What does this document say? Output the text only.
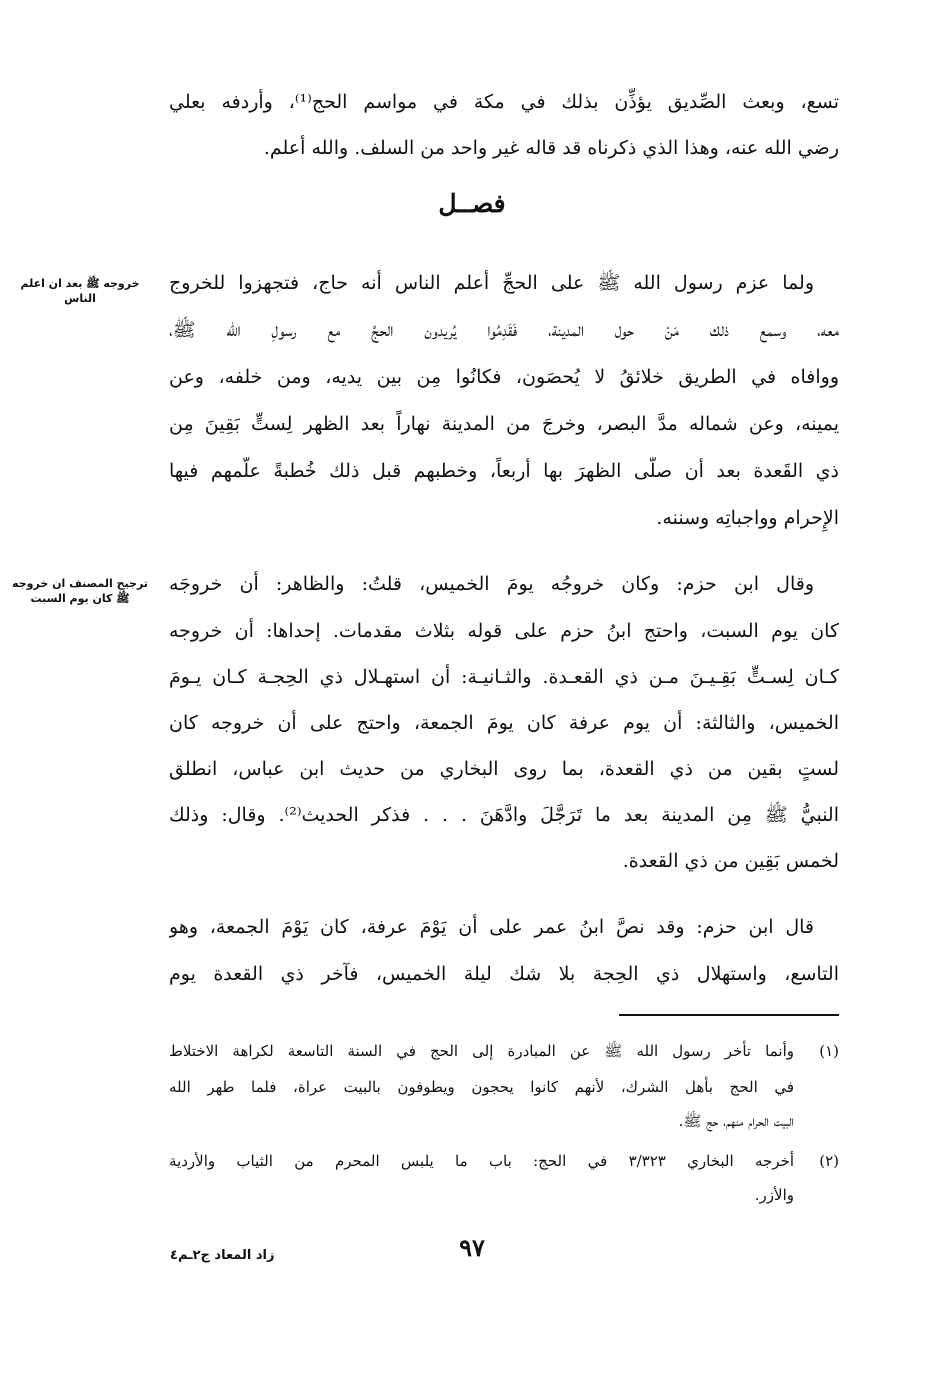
تسع، وبعث الصِّديق يؤذِّن بذلك في مكة في مواسم الحج⁽¹⁾، وأردفه بعلي
رضي الله عنه، وهذا الذي ذكرناه قد قاله غير واحد من السلف. والله أعلم.
فصــل
ولما عزم رسول الله ﷺ على الحجِّ أعلم الناس أنه حاج، فتجهزوا للخروج
معه، وسمع ذلك مَنْ حول المدينة، فَقَدِمُوا يُريدون الحجَّ مع رسولِ الله ﷺ،
ووافاه في الطريق خلائقُ لا يُحصَون، فكانُوا مِن بين يديه، ومن خلفه، وعن
يمينه، وعن شماله مدَّ البصر، وخرجَ من المدينة نهاراً بعد الظهر لِستٍّ بَقِينَ مِن
ذي القَعدة بعد أن صلَّى الظهرَ بها أربعاً، وخطبهم قبل ذلك خُطبةً علَّمهم فيها
الإِحرام وواجباتِه وسننه.
خروجه ﷺ بعد ان اعلم الناس
وقال ابن حزم: وكان خروجُه يومَ الخميس، قلتُ: والظاهر: أن خروجَه
كان يوم السبت، واحتج ابنُ حزم على قوله بثلاث مقدمات. إحداها: أن خروجه
كـان لِسـتٍّ بَقِـيـنَ مـن ذي القعـدة. والثـانيـة: أن استهـلال ذي الحِجـة كـان يـومَ
الخميس، والثالثة: أن يوم عرفة كان يومَ الجمعة، واحتج على أن خروجه كان
لستٍ بقين من ذي القعدة، بما روى البخاري من حديث ابن عباس، انطلق
النبيُّ ﷺ مِن المدينة بعد ما تَرَجَّلَ وادَّهَنَ . . . فذكر الحديث⁽²⁾. وقال: وذلك
لخمس بَقِين من ذي القعدة.
ترجيح المصنف ان خروجه ﷺ كان يوم السبت
قال ابن حزم: وقد نصَّ ابنُ عمر على أن يَوْمَ عرفة، كان يَوْمَ الجمعة، وهو
التاسع، واستهلال ذي الحِجة بلا شك ليلة الخميس، فآخر ذي القعدة يوم
(١)
وأنما تأخر رسول الله ﷺ عن المبادرة إلى الحج في السنة التاسعة لكراهة الاختلاط
في الحج بأهل الشرك، لأنهم كانوا يحجون ويطوفون بالبيت عراة، فلما طهر الله
البيت الحرام منهم، حج ﷺ.
(٢)
أخرجه البخاري ٣/٣٢٣ في الحج: باب ما يلبس المحرم من الثياب والأردية
والأزر.
٩٧
زاد المعاد ج٢ـم٤
